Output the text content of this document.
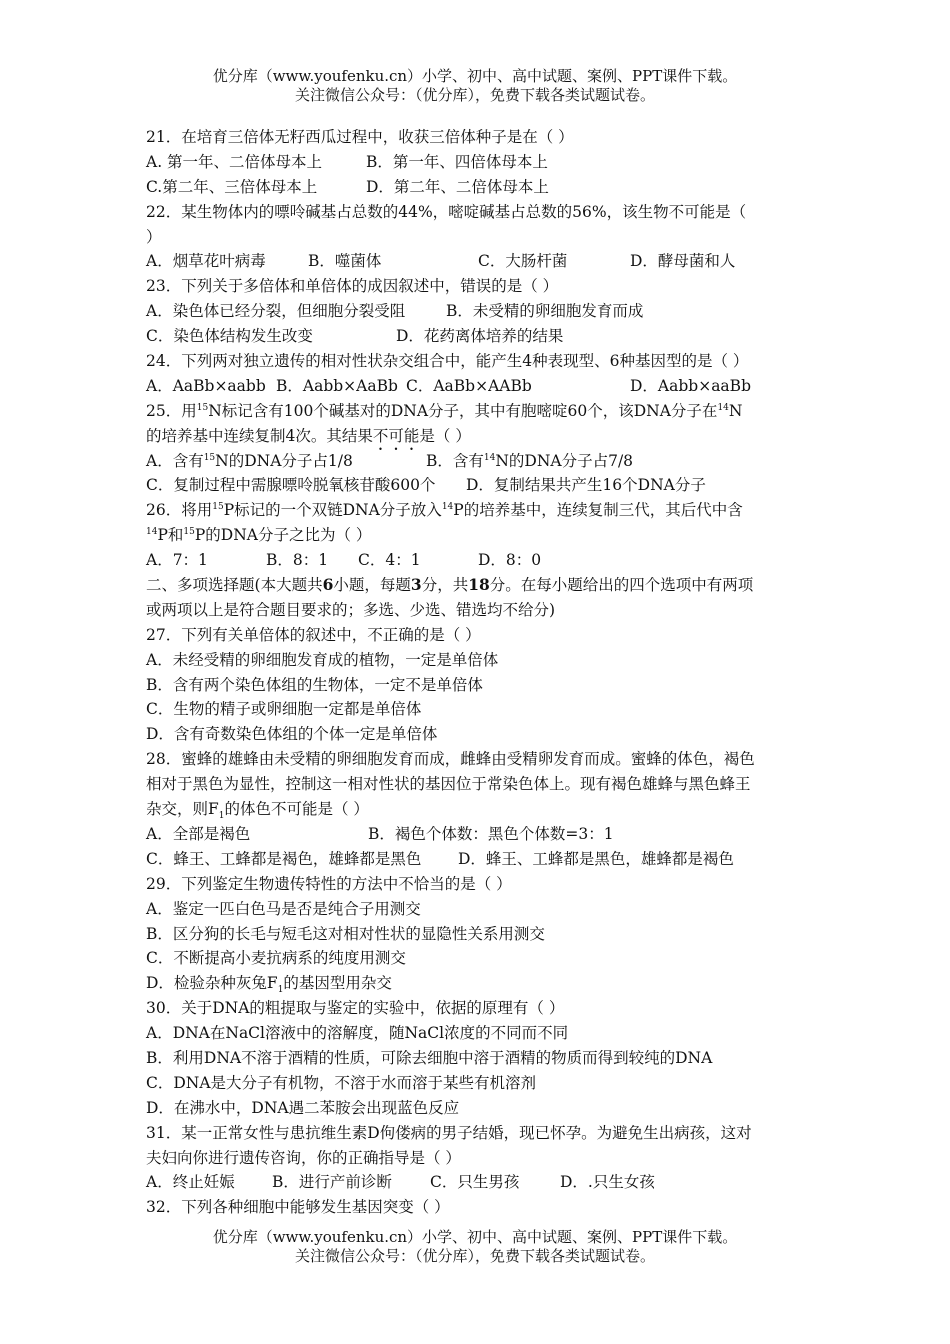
优分库（www.youfenku.cn）小学、初中、高中试题、案例、PPT课件下载。
关注微信公众号：（优分库），免费下载各类试题试卷。
21．在培育三倍体无籽西瓜过程中，收获三倍体种子是在（ ）
A. 第一年、二倍体母本上	B．第一年、四倍体母本上
C.第二年、三倍体母本上	D．第二年、二倍体母本上
22．某生物体内的嘌呤碱基占总数的44%，嘧啶碱基占总数的56%，该生物不可能是（
）
A．烟草花叶病毒	B．噬菌体	C．大肠杆菌	D．酵母菌和人
23．下列关于多倍体和单倍体的成因叙述中，错误的是（ ）
A．染色体已经分裂，但细胞分裂受阻	B．未受精的卵细胞发育而成
C．染色体结构发生改变	D．花药离体培养的结果
24．下列两对独立遗传的相对性状杂交组合中，能产生4种表现型、6种基因型的是（ ）
A．AaBb×aabb B．Aabb×AaBb C．AaBb×AABb	D．Aabb×aaBb
25．用$^{15}$N标记含有100个碱基对的DNA分子，其中有胞嘧啶60个，该DNA分子在$^{14}$N
的培养基中连续复制4次。其结果不可能是（ ）
A．含有$^{15}$N的DNA分子占1/8	B．含有$^{14}$N的DNA分子占7/8
C．复制过程中需腺嘌呤脱氧核苷酸600个 D．复制结果共产生16个DNA分子
26．将用$^{15}$P标记的一个双链DNA分子放入$^{14}$P的培养基中，连续复制三代，其后代中含
$^{14}$P和$^{15}$P的DNA分子之比为（ ）
A．7：1	B．8：1 C．4：1	D．8：0
二、多项选择题(本大题共6小题，每题3分，共18分。在每小题给出的四个选项中有两项
或两项以上是符合题目要求的；多选、少选、错选均不给分)
27．下列有关单倍体的叙述中，不正确的是（ ）
A．未经受精的卵细胞发育成的植物，一定是单倍体
B．含有两个染色体组的生物体，一定不是单倍体
C．生物的精子或卵细胞一定都是单倍体
D．含有奇数染色体组的个体一定是单倍体
28．蜜蜂的雄蜂由未受精的卵细胞发育而成，雌蜂由受精卵发育而成。蜜蜂的体色，褐色
相对于黑色为显性，控制这一相对性状的基因位于常染色体上。现有褐色雄蜂与黑色蜂王
杂交，则$F_1$的体色不可能是（ ）
A．全部是褐色	B．褐色个体数：黑色个体数=3：1
C．蜂王、工蜂都是褐色，雄蜂都是黑色 D．蜂王、工蜂都是黑色，雄蜂都是褐色
29．下列鉴定生物遗传特性的方法中不恰当的是（ ）
A．鉴定一匹白色马是否是纯合子用测交
B．区分狗的长毛与短毛这对相对性状的显隐性关系用测交
C．不断提高小麦抗病系的纯度用测交
D．检验杂种灰兔$F_1$的基因型用杂交
30．关于DNA的粗提取与鉴定的实验中，依据的原理有（ ）
A．DNA在NaCl溶液中的溶解度，随NaCl浓度的不同而不同
B．利用DNA不溶于酒精的性质，可除去细胞中溶于酒精的物质而得到较纯的DNA
C．DNA是大分子有机物，不溶于水而溶于某些有机溶剂
D．在沸水中，DNA遇二苯胺会出现蓝色反应
31．某一正常女性与患抗维生素D佝偻病的男子结婚，现已怀孕。为避免生出病孩，这对
夫妇向你进行遗传咨询，你的正确指导是（ ）
A．终止妊娠 B．进行产前诊断 C．只生男孩	D．.只生女孩
32．下列各种细胞中能够发生基因突变（ ）
优分库（www.youfenku.cn）小学、初中、高中试题、案例、PPT课件下载。
关注微信公众号：（优分库），免费下载各类试题试卷。
